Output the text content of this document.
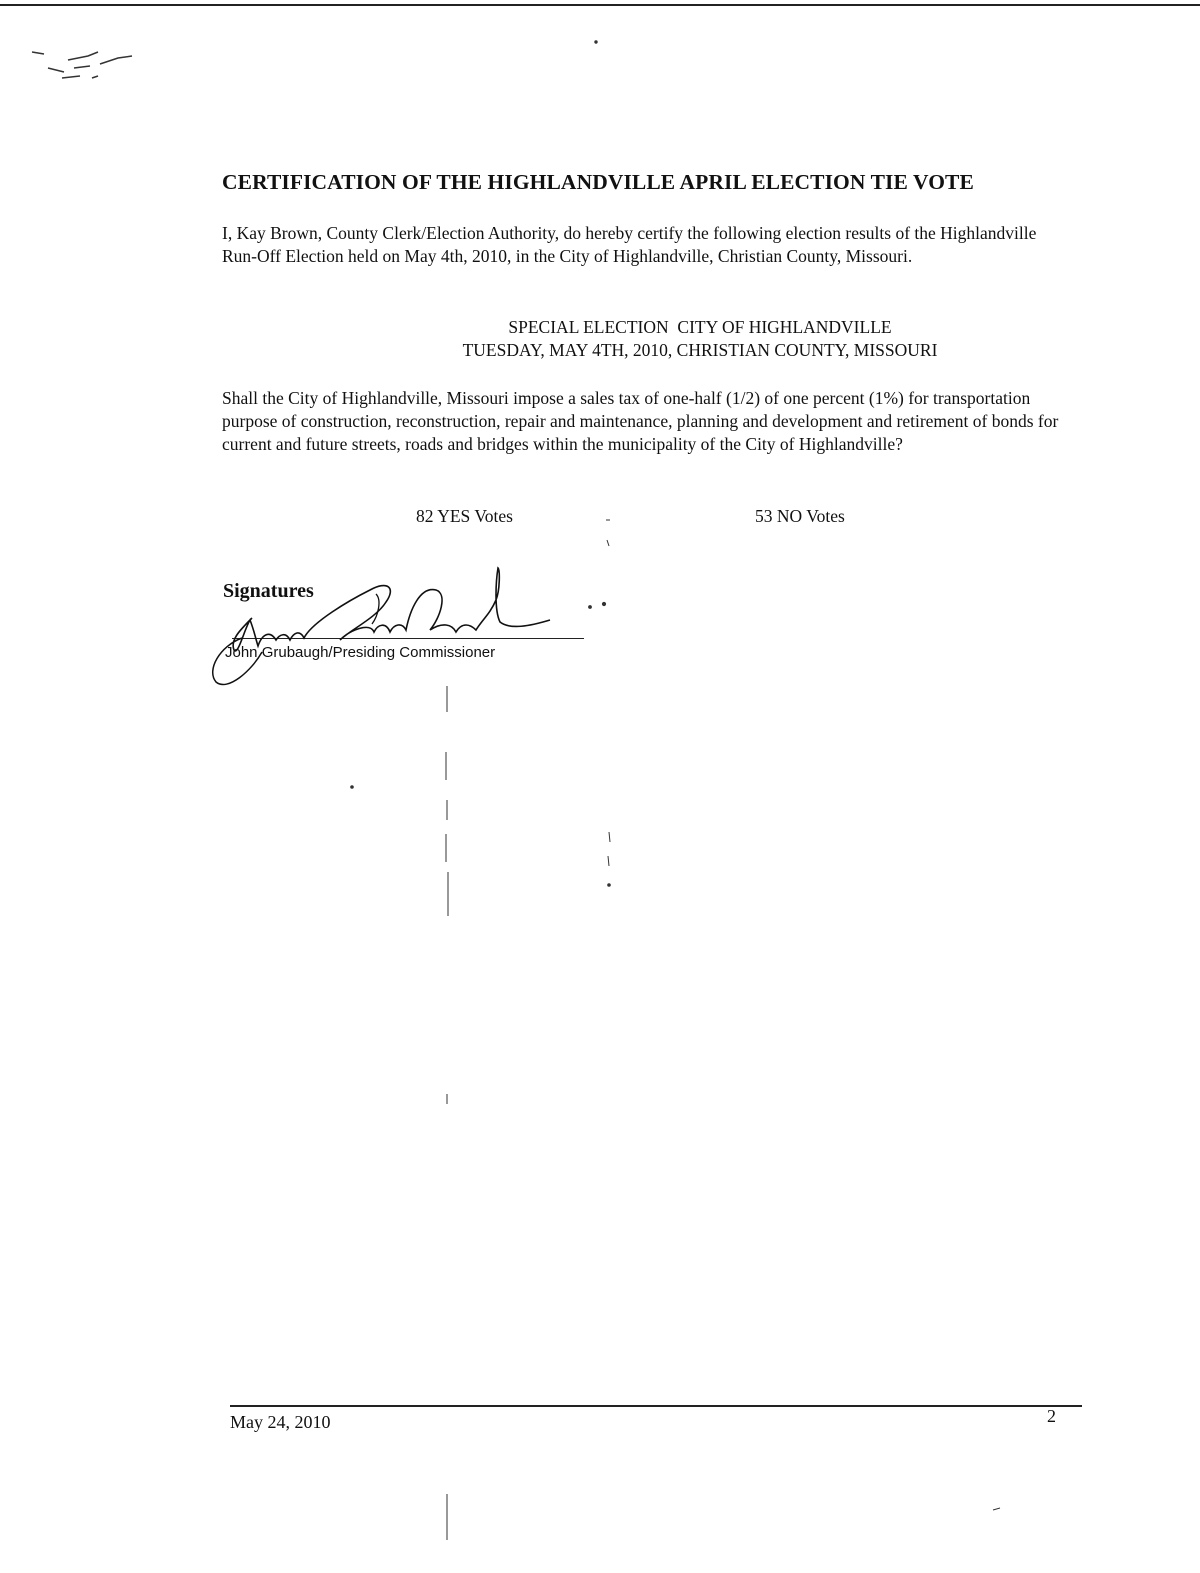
CERTIFICATION OF THE HIGHLANDVILLE APRIL ELECTION TIE VOTE

I, Kay Brown, County Clerk/Election Authority, do hereby certify the following election results of the Highlandville Run-Off Election held on May 4th, 2010, in the City of Highlandville, Christian County, Missouri.

SPECIAL ELECTION  CITY OF HIGHLANDVILLE
TUESDAY, MAY 4TH, 2010, CHRISTIAN COUNTY, MISSOURI

Shall the City of Highlandville, Missouri impose a sales tax of one-half (1/2) of one percent (1%) for transportation purpose of construction, reconstruction, repair and maintenance, planning and development and retirement of bonds for current and future streets, roads and bridges within the municipality of the City of Highlandville?

82 YES Votes	53 NO Votes
Signatures
John Grubaugh/Presiding Commissioner
May 24, 2010	2
